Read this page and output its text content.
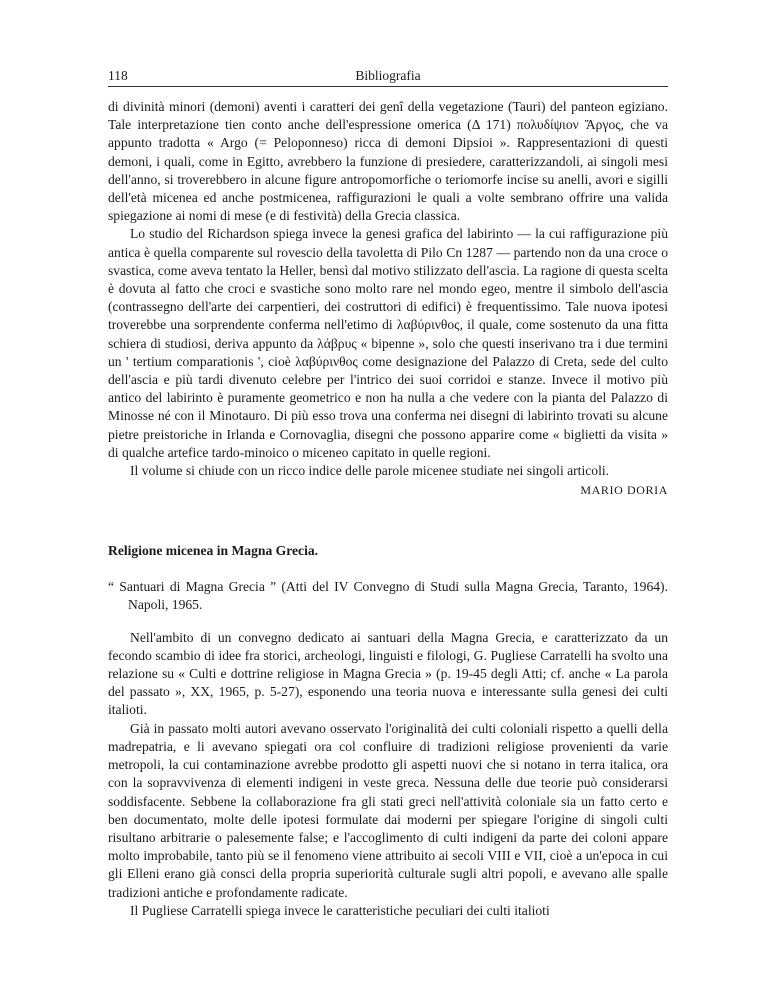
118	Bibliografia

di divinità minori (demoni) aventi i caratteri dei genî della vegetazione (Tauri) del panteon egiziano. Tale interpretazione tien conto anche dell'espressione omerica (Δ 171) πολυδίψιον Ἄργος, che va appunto tradotta « Argo (= Peloponneso) ricca di demoni Dipsioi ». Rappresentazioni di questi demoni, i quali, come in Egitto, avrebbero la funzione di presiedere, caratterizzandoli, ai singoli mesi dell'anno, si troverebbero in alcune figure antropomorfiche o teriomorfe incise su anelli, avori e sigilli dell'età micenea ed anche postmicenea, raffigurazioni le quali a volte sembrano offrire una valida spiegazione ai nomi di mese (e di festività) della Grecia classica.

Lo studio del Richardson spiega invece la genesi grafica del labirinto — la cui raffigurazione più antica è quella comparente sul rovescio della tavoletta di Pilo Cn 1287 — partendo non da una croce o svastica, come aveva tentato la Heller, bensì dal motivo stilizzato dell'ascia. La ragione di questa scelta è dovuta al fatto che croci e svastiche sono molto rare nel mondo egeo, mentre il simbolo dell'ascia (contrassegno dell'arte dei carpentieri, dei costruttori di edifici) è frequentissimo. Tale nuova ipotesi troverebbe una sorprendente conferma nell'etimo di λαβύρινθος, il quale, come sostenuto da una fitta schiera di studiosi, deriva appunto da λάβρυς « bipenne », solo che questi inserivano tra i due termini un ' tertium comparationis ', cioè λαβύρινθος come designazione del Palazzo di Creta, sede del culto dell'ascia e più tardi divenuto celebre per l'intrico dei suoi corridoi e stanze. Invece il motivo più antico del labirinto è puramente geometrico e non ha nulla a che vedere con la pianta del Palazzo di Minosse né con il Minotauro. Di più esso trova una conferma nei disegni di labirinto trovati su alcune pietre preistoriche in Irlanda e Cornovaglia, disegni che possono apparire come « biglietti da visita » di qualche artefice tardo-minoico o miceneo capitato in quelle regioni.

Il volume si chiude con un ricco indice delle parole micenee studiate nei singoli articoli.

MARIO DORIA
Religione micenea in Magna Grecia.
“ Santuari di Magna Grecia ” (Atti del IV Convegno di Studi sulla Magna Grecia, Taranto, 1964). Napoli, 1965.

Nell'ambito di un convegno dedicato ai santuari della Magna Grecia, e caratterizzato da un fecondo scambio di idee fra storici, archeologi, linguisti e filologi, G. Pugliese Carratelli ha svolto una relazione su « Culti e dottrine religiose in Magna Grecia » (p. 19-45 degli Atti; cf. anche « La parola del passato », XX, 1965, p. 5-27), esponendo una teoria nuova e interessante sulla genesi dei culti italioti.

Già in passato molti autori avevano osservato l'originalità dei culti coloniali rispetto a quelli della madrepatria, e li avevano spiegati ora col confluire di tradizioni religiose provenienti da varie metropoli, la cui contaminazione avrebbe prodotto gli aspetti nuovi che si notano in terra italica, ora con la sopravvivenza di elementi indigeni in veste greca. Nessuna delle due teorie può considerarsi soddisfacente. Sebbene la collaborazione fra gli stati greci nell'attività coloniale sia un fatto certo e ben documentato, molte delle ipotesi formulate dai moderni per spiegare l'origine di singoli culti risultano arbitrarie o palesemente false; e l'accoglimento di culti indigeni da parte dei coloni appare molto improbabile, tanto più se il fenomeno viene attribuito ai secoli VIII e VII, cioè a un'epoca in cui gli Elleni erano già consci della propria superiorità culturale sugli altri popoli, e avevano alle spalle tradizioni antiche e profondamente radicate.

Il Pugliese Carratelli spiega invece le caratteristiche peculiari dei culti italioti
